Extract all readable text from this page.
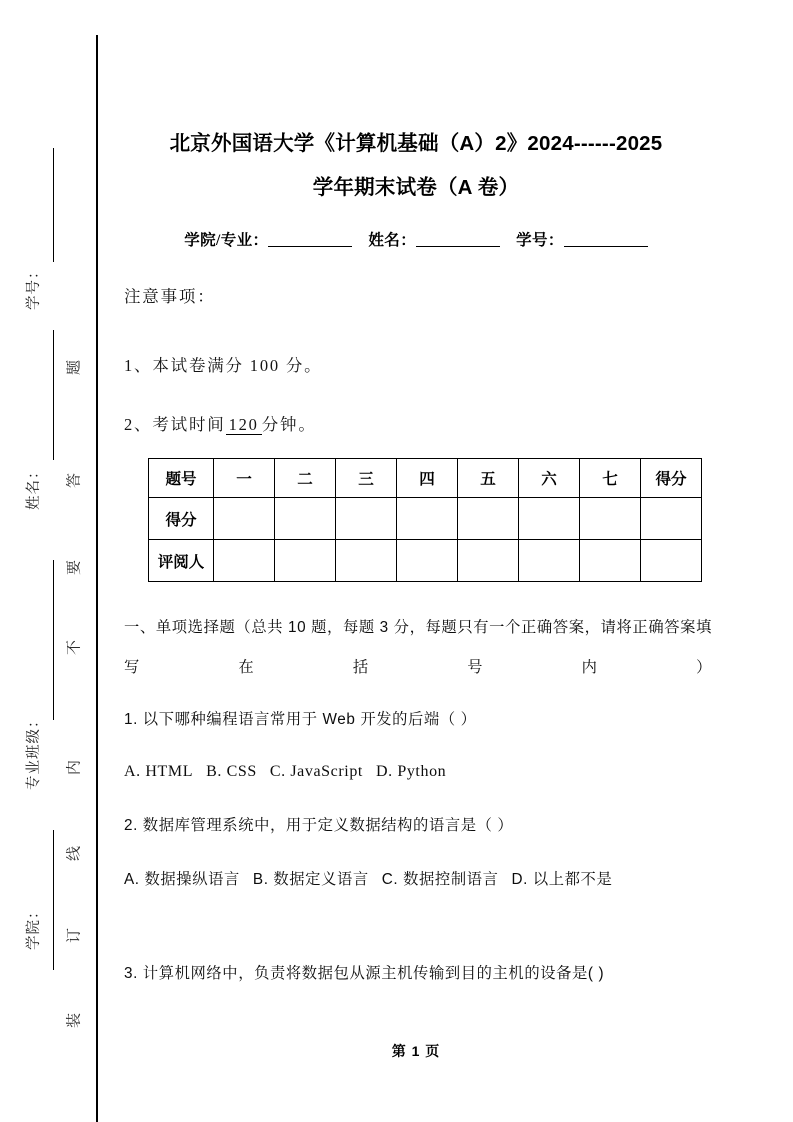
学号：
姓名：
专业班级：
学院：
题
答
要
不
内
线
订
装
北京外国语大学《计算机基础（A）2》2024------2025
学年期末试卷（A 卷）
学院/专业：	姓名：	学号：
注意事项：
1、本试卷满分 100 分。
2、考试时间 120 分钟。
题号	一	二	三	四	五	六	七	得分
得分								
评阅人								
一、单项选择题（总共 10 题，每题 3 分，每题只有一个正确答案，请将正确答案填写在括号内）
1. 以下哪种编程语言常用于 Web 开发的后端（ ）
A. HTML B. CSS C. JavaScript D. Python
2. 数据库管理系统中，用于定义数据结构的语言是（ ）
A. 数据操纵语言 B. 数据定义语言 C. 数据控制语言 D. 以上都不是
3. 计算机网络中，负责将数据包从源主机传输到目的主机的设备是( )
第 1 页
